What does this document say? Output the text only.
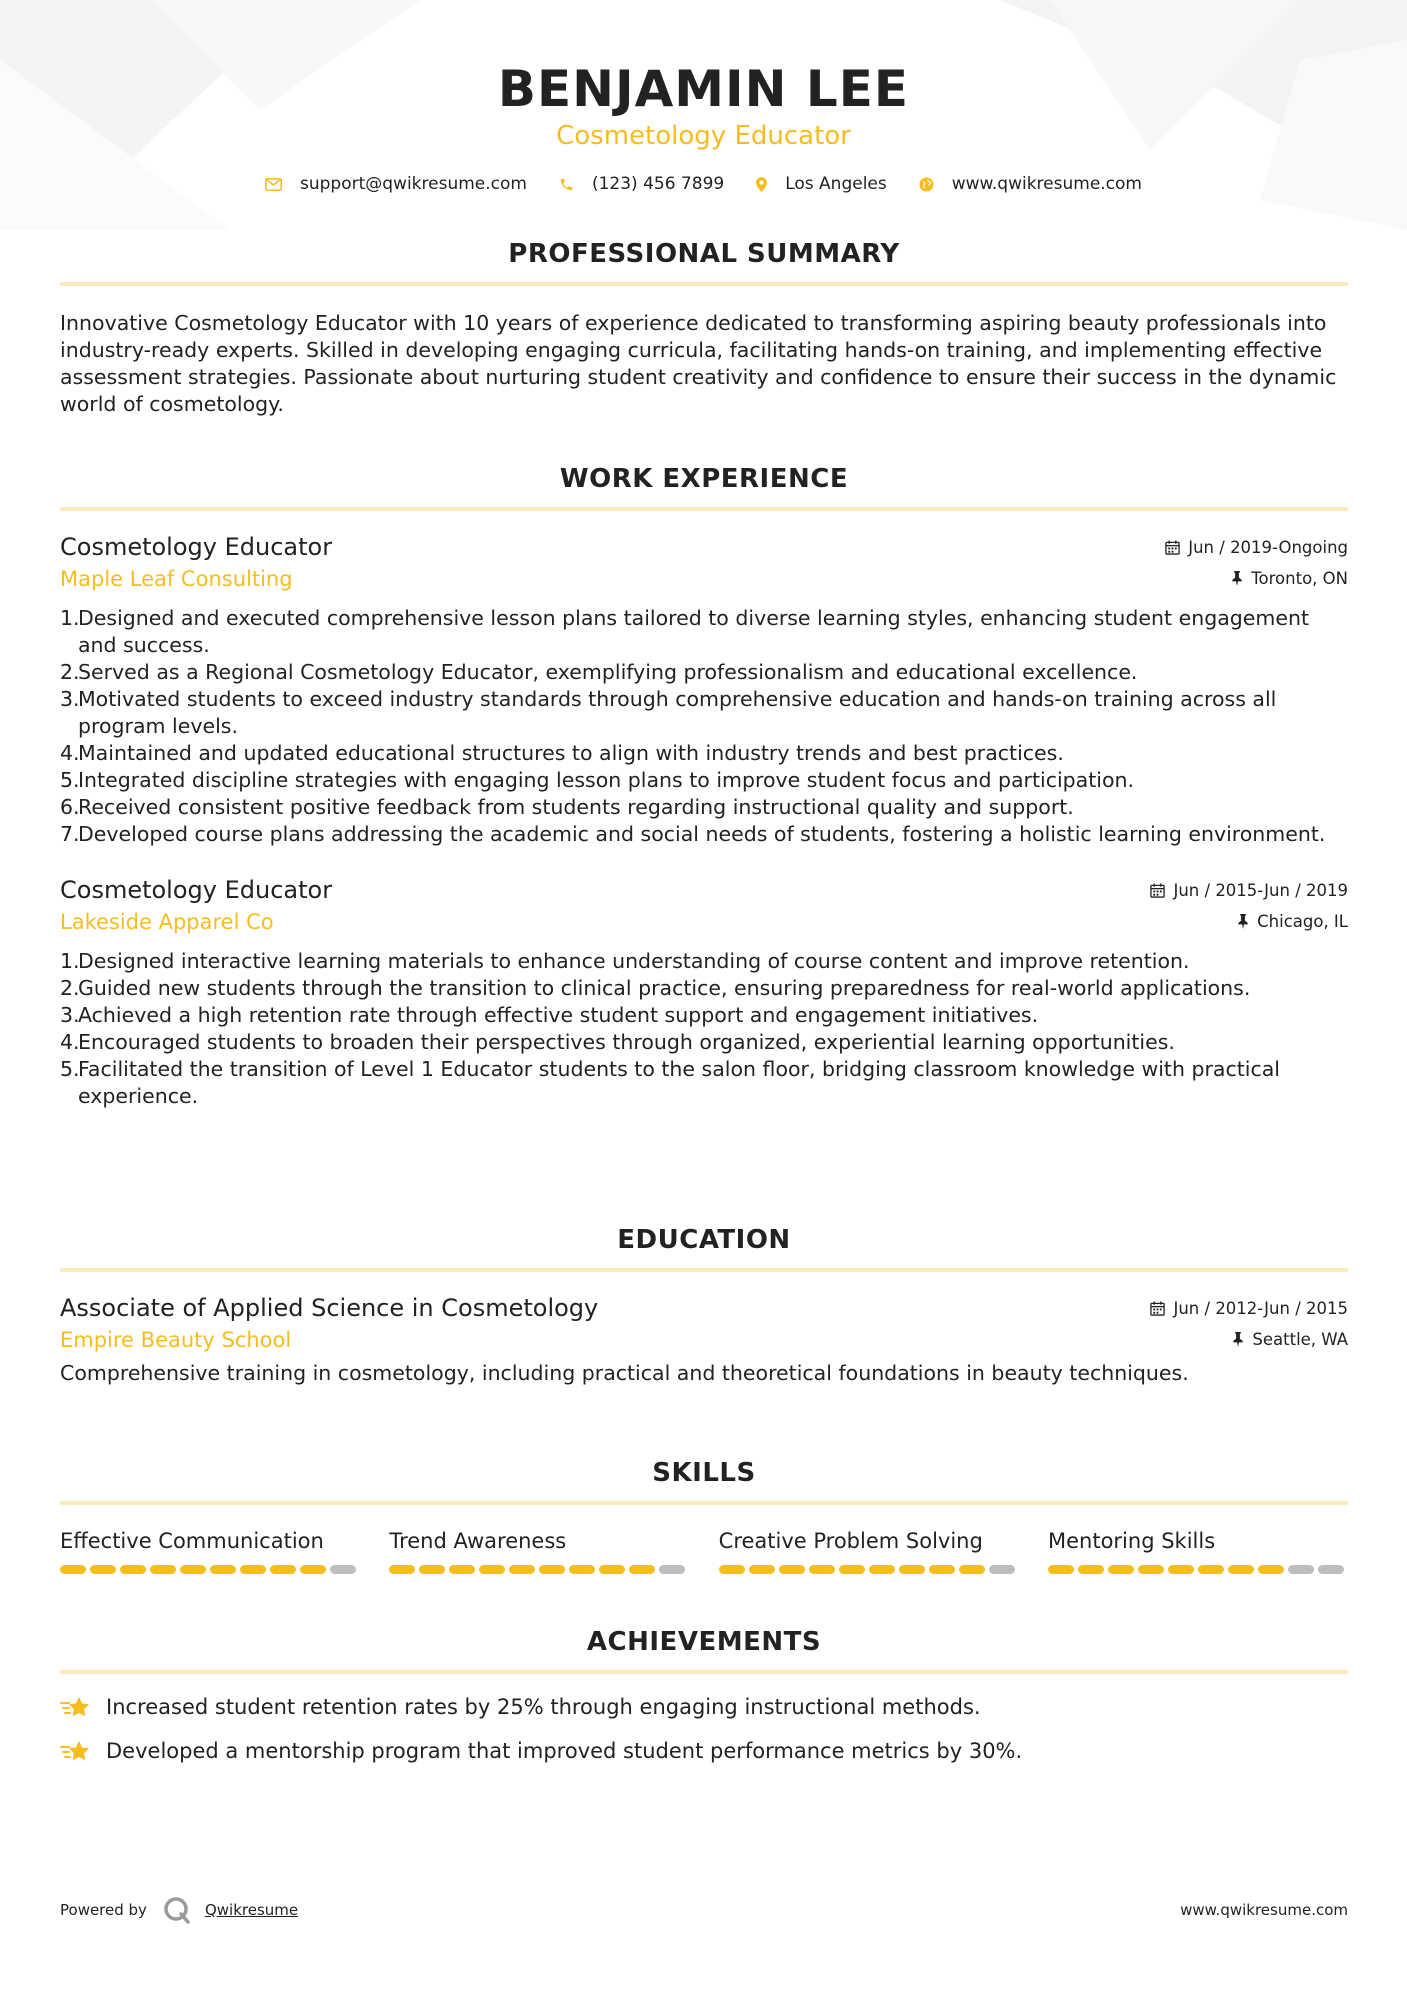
BENJAMIN LEE
Cosmetology Educator
support@qwikresume.com	(123) 456 7899	Los Angeles	www.qwikresume.com
PROFESSIONAL SUMMARY
Innovative Cosmetology Educator with 10 years of experience dedicated to transforming aspiring beauty professionals into industry-ready experts. Skilled in developing engaging curricula, facilitating hands-on training, and implementing effective assessment strategies. Passionate about nurturing student creativity and confidence to ensure their success in the dynamic world of cosmetology.
WORK EXPERIENCE
Cosmetology Educator	Jun / 2019-Ongoing
Maple Leaf Consulting	Toronto, ON
1.
Designed and executed comprehensive lesson plans tailored to diverse learning styles, enhancing student engagement and success.
2.
Served as a Regional Cosmetology Educator, exemplifying professionalism and educational excellence.
3.
Motivated students to exceed industry standards through comprehensive education and hands-on training across all program levels.
4.
Maintained and updated educational structures to align with industry trends and best practices.
5.
Integrated discipline strategies with engaging lesson plans to improve student focus and participation.
6.
Received consistent positive feedback from students regarding instructional quality and support.
7.
Developed course plans addressing the academic and social needs of students, fostering a holistic learning environment.
Cosmetology Educator	Jun / 2015-Jun / 2019
Lakeside Apparel Co	Chicago, IL
1.
Designed interactive learning materials to enhance understanding of course content and improve retention.
2.
Guided new students through the transition to clinical practice, ensuring preparedness for real-world applications.
3.
Achieved a high retention rate through effective student support and engagement initiatives.
4.
Encouraged students to broaden their perspectives through organized, experiential learning opportunities.
5.
Facilitated the transition of Level 1 Educator students to the salon floor, bridging classroom knowledge with practical experience.
EDUCATION
Associate of Applied Science in Cosmetology	Jun / 2012-Jun / 2015
Empire Beauty School	Seattle, WA
Comprehensive training in cosmetology, including practical and theoretical foundations in beauty techniques.
SKILLS
Effective Communication	Trend Awareness	Creative Problem Solving	Mentoring Skills
ACHIEVEMENTS
Increased student retention rates by 25% through engaging instructional methods.
Developed a mentorship program that improved student performance metrics by 30%.
Powered by	Qwikresume	www.qwikresume.com
